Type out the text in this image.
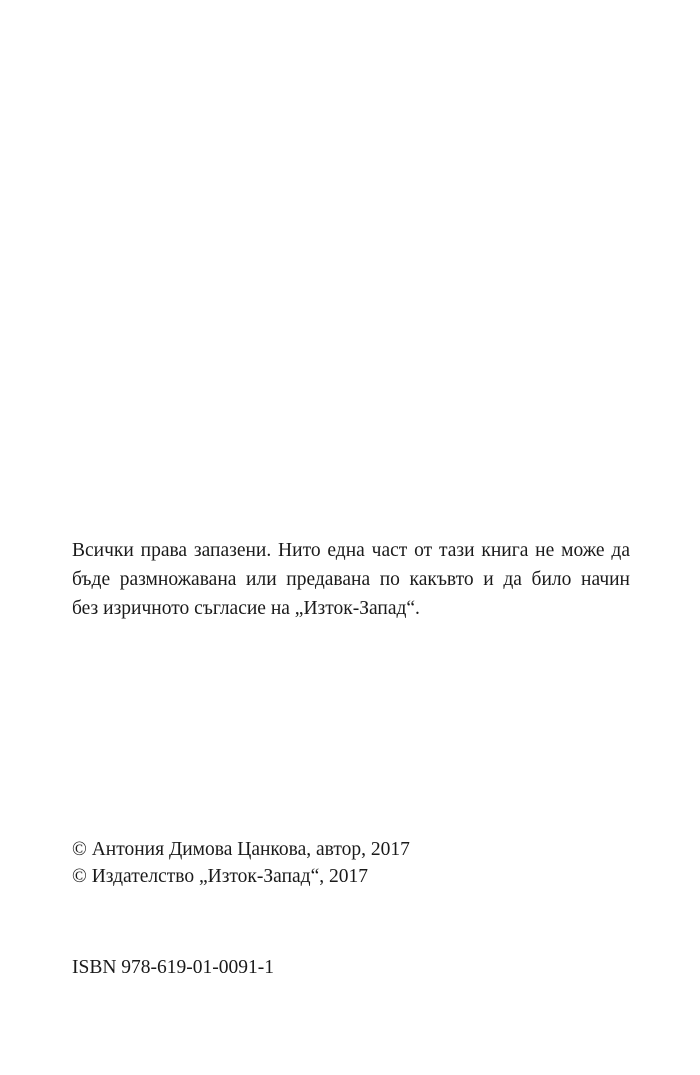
Всички права запазени. Нито една част от тази книга не може да
бъде размножавана или предавана по какъвто и да било начин
без изричното съгласие на „Изток-Запад“.
© Антония Димова Цанкова, автор, 2017
© Издателство „Изток-Запад“, 2017
ISBN 978-619-01-0091-1
